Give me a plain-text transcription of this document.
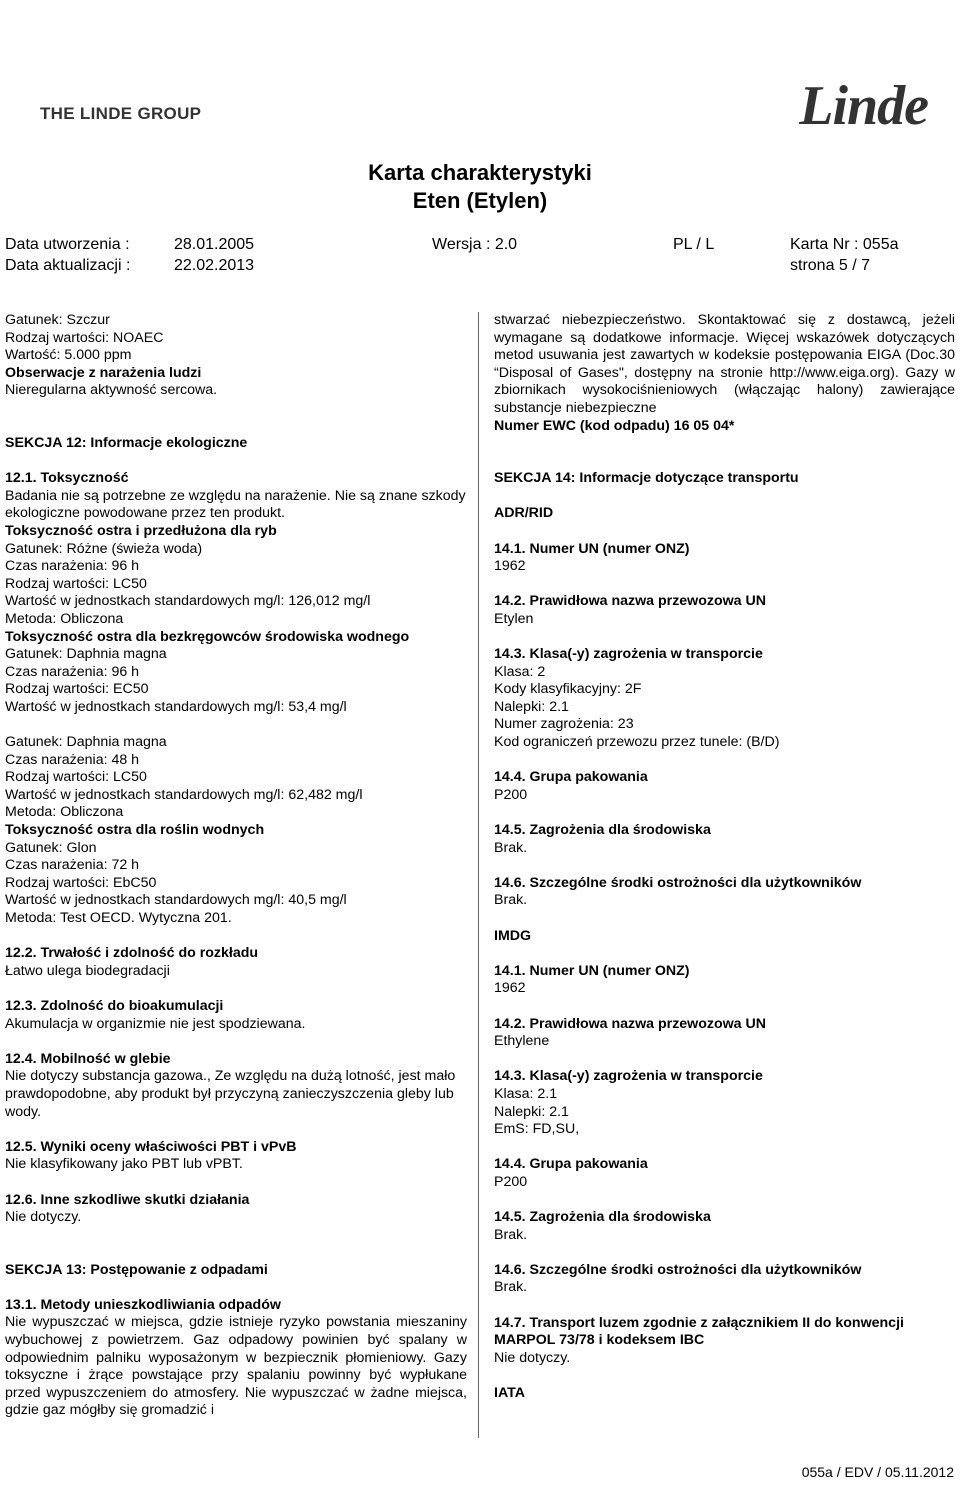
THE LINDE GROUP	Linde
Karta charakterystyki
Eten (Etylen)
Data utworzenia :	28.01.2005	Wersja : 2.0	PL / L	Karta Nr : 055a
Data aktualizacji :	22.02.2013	strona 5 / 7

Gatunek: Szczur

Rodzaj wartości: NOAEC

Wartość: 5.000 ppm

Obserwacje z narażenia ludzi

Nieregularna aktywność sercowa.

SEKCJA 12: Informacje ekologiczne

12.1. Toksyczność

Badania nie są potrzebne ze względu na narażenie. Nie są znane szkody ekologiczne powodowane przez ten produkt.

Toksyczność ostra i przedłużona dla ryb

Gatunek: Różne (świeża woda)

Czas narażenia: 96 h

Rodzaj wartości: LC50

Wartość w jednostkach standardowych mg/l: 126,012 mg/l

Metoda: Obliczona

Toksyczność ostra dla bezkręgowców środowiska wodnego

Gatunek: Daphnia magna

Czas narażenia: 96 h

Rodzaj wartości: EC50

Wartość w jednostkach standardowych mg/l: 53,4 mg/l

Gatunek: Daphnia magna

Czas narażenia: 48 h

Rodzaj wartości: LC50

Wartość w jednostkach standardowych mg/l: 62,482 mg/l

Metoda: Obliczona

Toksyczność ostra dla roślin wodnych

Gatunek: Glon

Czas narażenia: 72 h

Rodzaj wartości: EbC50

Wartość w jednostkach standardowych mg/l: 40,5 mg/l

Metoda: Test OECD. Wytyczna 201.

12.2. Trwałość i zdolność do rozkładu

Łatwo ulega biodegradacji

12.3. Zdolność do bioakumulacji

Akumulacja w organizmie nie jest spodziewana.

12.4. Mobilność w glebie

Nie dotyczy substancja gazowa., Ze względu na dużą lotność, jest mało prawdopodobne, aby produkt był przyczyną zanieczyszczenia gleby lub wody.

12.5. Wyniki oceny właściwości PBT i vPvB

Nie klasyfikowany jako PBT lub vPBT.

12.6. Inne szkodliwe skutki działania

Nie dotyczy.

SEKCJA 13: Postępowanie z odpadami

13.1. Metody unieszkodliwiania odpadów

Nie wypuszczać w miejsca, gdzie istnieje ryzyko powstania mieszaniny wybuchowej z powietrzem. Gaz odpadowy powinien być spalany w odpowiednim palniku wyposażonym w bezpiecznik płomieniowy. Gazy toksyczne i żrące powstające przy spalaniu powinny być wypłukane przed wypuszczeniem do atmosfery. Nie wypuszczać w żadne miejsca, gdzie gaz mógłby się gromadzić i

stwarzać niebezpieczeństwo. Skontaktować się z dostawcą, jeżeli wymagane są dodatkowe informacje. Więcej wskazówek dotyczących metod usuwania jest zawartych w kodeksie postępowania EIGA (Doc.30 “Disposal of Gases", dostępny na stronie http://www.eiga.org). Gazy w zbiornikach wysokociśnieniowych (włączając halony) zawierające substancje niebezpieczne

Numer EWC (kod odpadu) 16 05 04*

SEKCJA 14: Informacje dotyczące transportu

ADR/RID

14.1. Numer UN (numer ONZ)

1962

14.2. Prawidłowa nazwa przewozowa UN

Etylen

14.3. Klasa(-y) zagrożenia w transporcie

Klasa: 2

Kody klasyfikacyjny: 2F

Nalepki: 2.1

Numer zagrożenia: 23

Kod ograniczeń przewozu przez tunele: (B/D)

14.4. Grupa pakowania

P200

14.5. Zagrożenia dla środowiska

Brak.

14.6. Szczególne środki ostrożności dla użytkowników

Brak.

IMDG

14.1. Numer UN (numer ONZ)

1962

14.2. Prawidłowa nazwa przewozowa UN

Ethylene

14.3. Klasa(-y) zagrożenia w transporcie

Klasa: 2.1

Nalepki: 2.1

EmS: FD,SU,

14.4. Grupa pakowania

P200

14.5. Zagrożenia dla środowiska

Brak.

14.6. Szczególne środki ostrożności dla użytkowników

Brak.

14.7. Transport luzem zgodnie z załącznikiem II do konwencji MARPOL 73/78 i kodeksem IBC

Nie dotyczy.

IATA

055a / EDV / 05.11.2012
